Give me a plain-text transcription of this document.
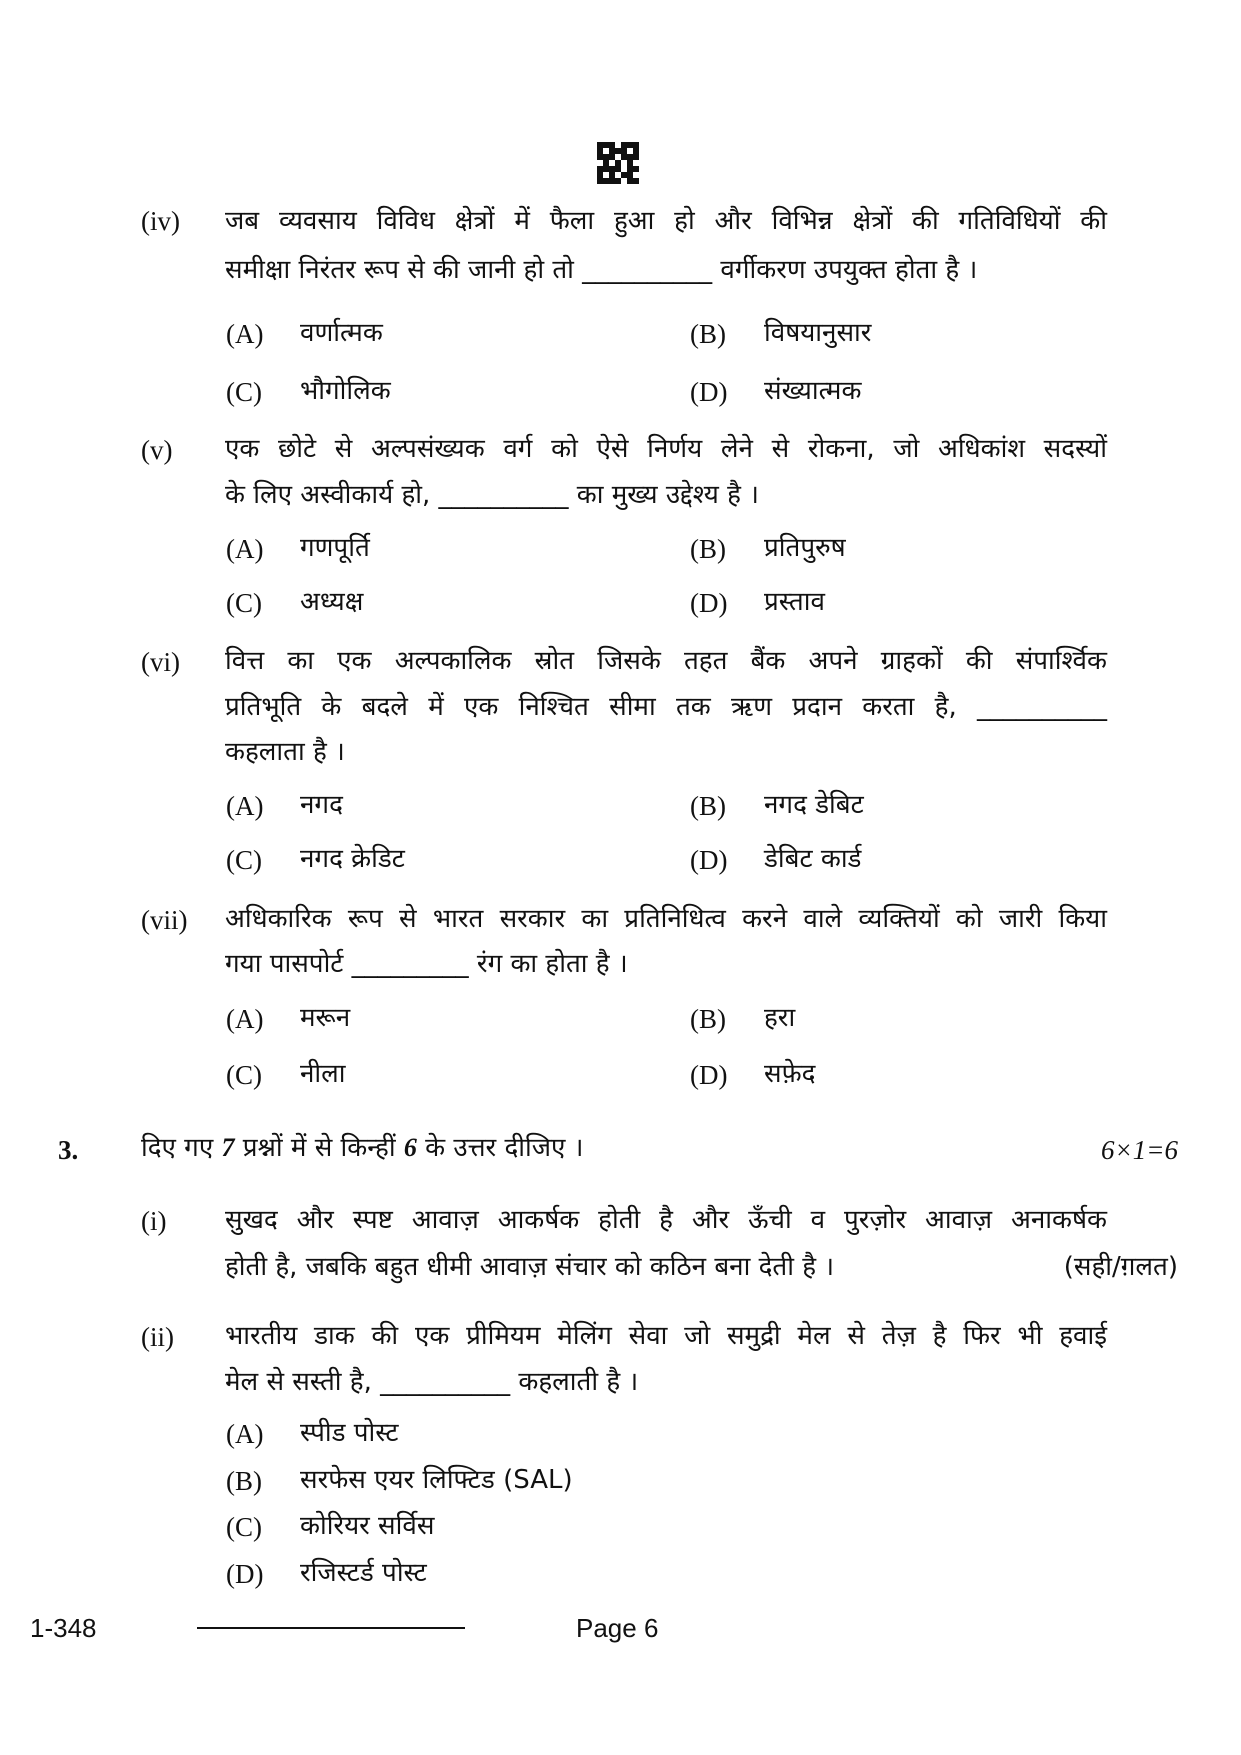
(iv) जब व्यवसाय विविध क्षेत्रों में फैला हुआ हो और विभिन्न क्षेत्रों की गतिविधियों की
समीक्षा निरंतर रूप से की जानी हो तो __________ वर्गीकरण उपयुक्त होता है ।
(A) वर्णात्मक	(B) विषयानुसार
(C) भौगोलिक	(D) संख्यात्मक
(v) एक छोटे से अल्पसंख्यक वर्ग को ऐसे निर्णय लेने से रोकना, जो अधिकांश सदस्यों
के लिए अस्वीकार्य हो, __________ का मुख्य उद्देश्य है ।
(A) गणपूर्ति	(B) प्रतिपुरुष
(C) अध्यक्ष	(D) प्रस्ताव
(vi) वित्त का एक अल्पकालिक स्रोत जिसके तहत बैंक अपने ग्राहकों की संपार्श्विक
प्रतिभूति के बदले में एक निश्चित सीमा तक ऋण प्रदान करता है, __________
कहलाता है ।
(A) नगद	(B) नगद डेबिट
(C) नगद क्रेडिट	(D) डेबिट कार्ड
(vii) अधिकारिक रूप से भारत सरकार का प्रतिनिधित्व करने वाले व्यक्तियों को जारी किया
गया पासपोर्ट _________ रंग का होता है ।
(A) मरून	(B) हरा
(C) नीला	(D) सफ़ेद
3. दिए गए 7 प्रश्नों में से किन्हीं 6 के उत्तर दीजिए ।	6×1=6
(i) सुखद और स्पष्ट आवाज़ आकर्षक होती है और ऊँची व पुरज़ोर आवाज़ अनाकर्षक
होती है, जबकि बहुत धीमी आवाज़ संचार को कठिन बना देती है ।	(सही/ग़लत)
(ii) भारतीय डाक की एक प्रीमियम मेलिंग सेवा जो समुद्री मेल से तेज़ है फिर भी हवाई
मेल से सस्ती है, __________ कहलाती है ।
(A) स्पीड पोस्ट
(B) सरफेस एयर लिफ्टिड (SAL)
(C) कोरियर सर्विस
(D) रजिस्टर्ड पोस्ट
1-348	Page 6
